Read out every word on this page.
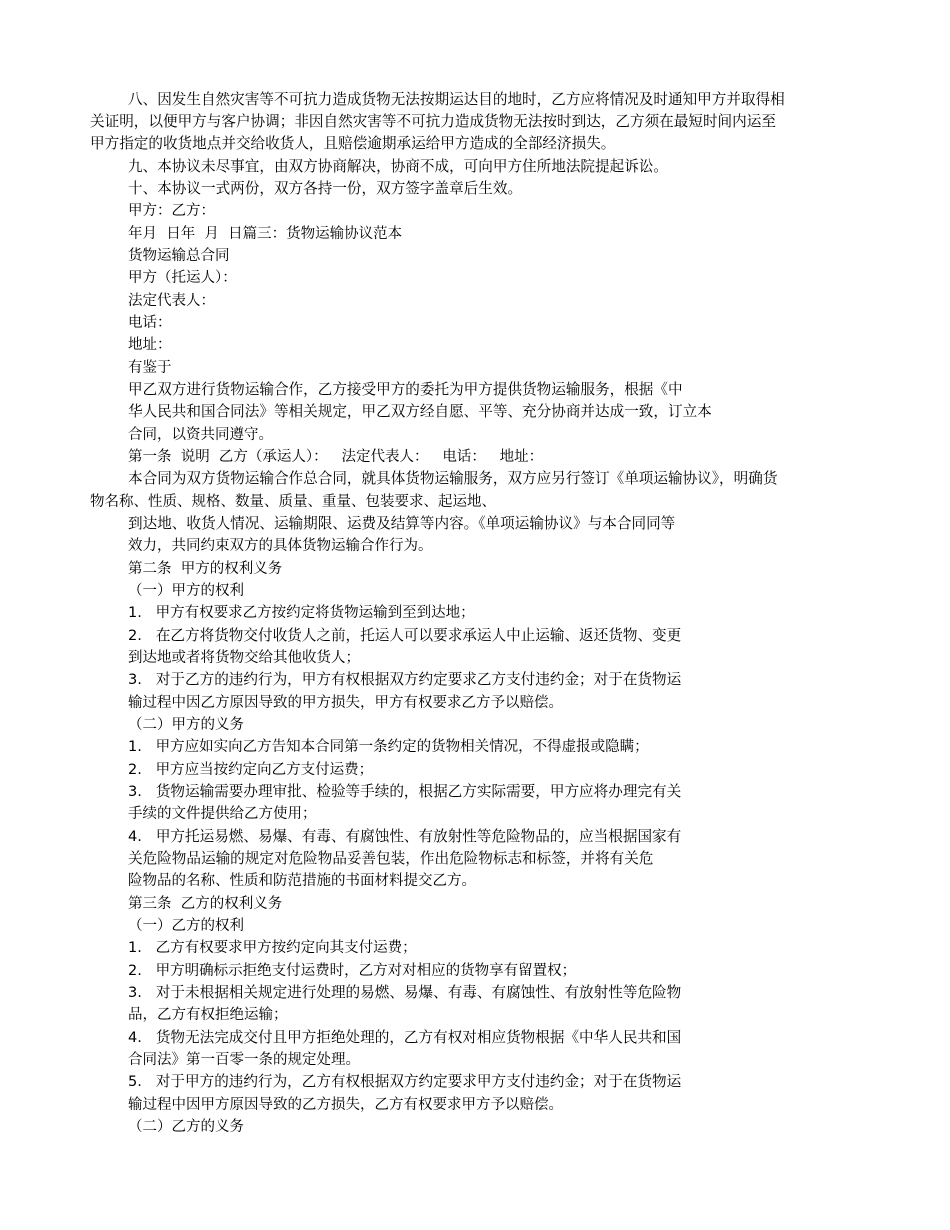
八、因发生自然灾害等不可抗力造成货物无法按期运达目的地时，乙方应将情况及时通知甲方并取得相
关证明，以便甲方与客户协调；非因自然灾害等不可抗力造成货物无法按时到达，乙方须在最短时间内运至
甲方指定的收货地点并交给收货人，且赔偿逾期承运给甲方造成的全部经济损失。
九、本协议未尽事宜，由双方协商解决，协商不成，可向甲方住所地法院提起诉讼。
十、本协议一式两份，双方各持一份，双方签字盖章后生效。
甲方：乙方：
年月  日年  月  日篇三：货物运输协议范本
货物运输总合同
甲方（托运人）：
法定代表人：
电话：
地址：
有鉴于
甲乙双方进行货物运输合作，乙方接受甲方的委托为甲方提供货物运输服务，根据《中
华人民共和国合同法》等相关规定，甲乙双方经自愿、平等、充分协商并达成一致，订立本
合同，以资共同遵守。
第一条  说明  乙方（承运人）：   法定代表人：   电话：   地址：
本合同为双方货物运输合作总合同，就具体货物运输服务，双方应另行签订《单项运输协议》，明确货
物名称、性质、规格、数量、质量、重量、包装要求、起运地、
到达地、收货人情况、运输期限、运费及结算等内容。《单项运输协议》与本合同同等
效力，共同约束双方的具体货物运输合作行为。
第二条  甲方的权利义务
（一）甲方的权利
1.   甲方有权要求乙方按约定将货物运输到至到达地；
2.   在乙方将货物交付收货人之前，托运人可以要求承运人中止运输、返还货物、变更
到达地或者将货物交给其他收货人；
3.   对于乙方的违约行为，甲方有权根据双方约定要求乙方支付违约金；对于在货物运
输过程中因乙方原因导致的甲方损失，甲方有权要求乙方予以赔偿。
（二）甲方的义务
1.   甲方应如实向乙方告知本合同第一条约定的货物相关情况，不得虚报或隐瞒；
2.   甲方应当按约定向乙方支付运费；
3.   货物运输需要办理审批、检验等手续的，根据乙方实际需要，甲方应将办理完有关
手续的文件提供给乙方使用；
4.   甲方托运易燃、易爆、有毒、有腐蚀性、有放射性等危险物品的，应当根据国家有
关危险物品运输的规定对危险物品妥善包装，作出危险物标志和标签，并将有关危
险物品的名称、性质和防范措施的书面材料提交乙方。
第三条  乙方的权利义务
（一）乙方的权利
1.   乙方有权要求甲方按约定向其支付运费；
2.   甲方明确标示拒绝支付运费时，乙方对对相应的货物享有留置权；
3.   对于未根据相关规定进行处理的易燃、易爆、有毒、有腐蚀性、有放射性等危险物
品，乙方有权拒绝运输；
4.   货物无法完成交付且甲方拒绝处理的，乙方有权对相应货物根据《中华人民共和国
合同法》第一百零一条的规定处理。
5.   对于甲方的违约行为，乙方有权根据双方约定要求甲方支付违约金；对于在货物运
输过程中因甲方原因导致的乙方损失，乙方有权要求甲方予以赔偿。
（二）乙方的义务
